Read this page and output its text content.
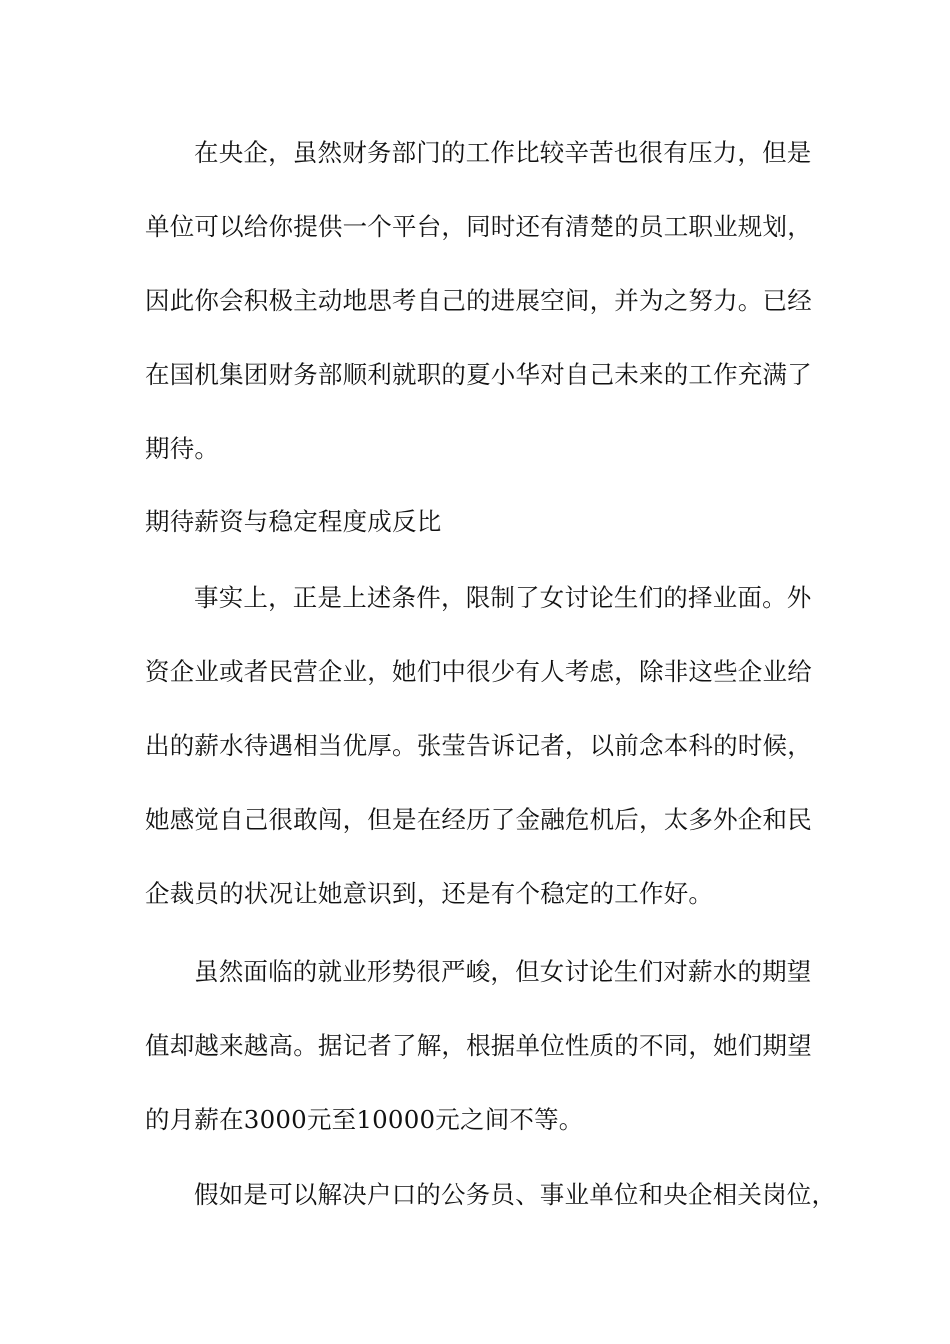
在央企，虽然财务部门的工作比较辛苦也很有压力，但是

单位可以给你提供一个平台，同时还有清楚的员工职业规划，

因此你会积极主动地思考自己的进展空间，并为之努力。已经

在国机集团财务部顺利就职的夏小华对自己未来的工作充满了

期待。

期待薪资与稳定程度成反比

事实上，正是上述条件，限制了女讨论生们的择业面。外

资企业或者民营企业，她们中很少有人考虑，除非这些企业给

出的薪水待遇相当优厚。张莹告诉记者，以前念本科的时候，

她感觉自己很敢闯，但是在经历了金融危机后，太多外企和民

企裁员的状况让她意识到，还是有个稳定的工作好。

虽然面临的就业形势很严峻，但女讨论生们对薪水的期望

值却越来越高。据记者了解，根据单位性质的不同，她们期望

的月薪在3000元至10000元之间不等。

假如是可以解决户口的公务员、事业单位和央企相关岗位，
